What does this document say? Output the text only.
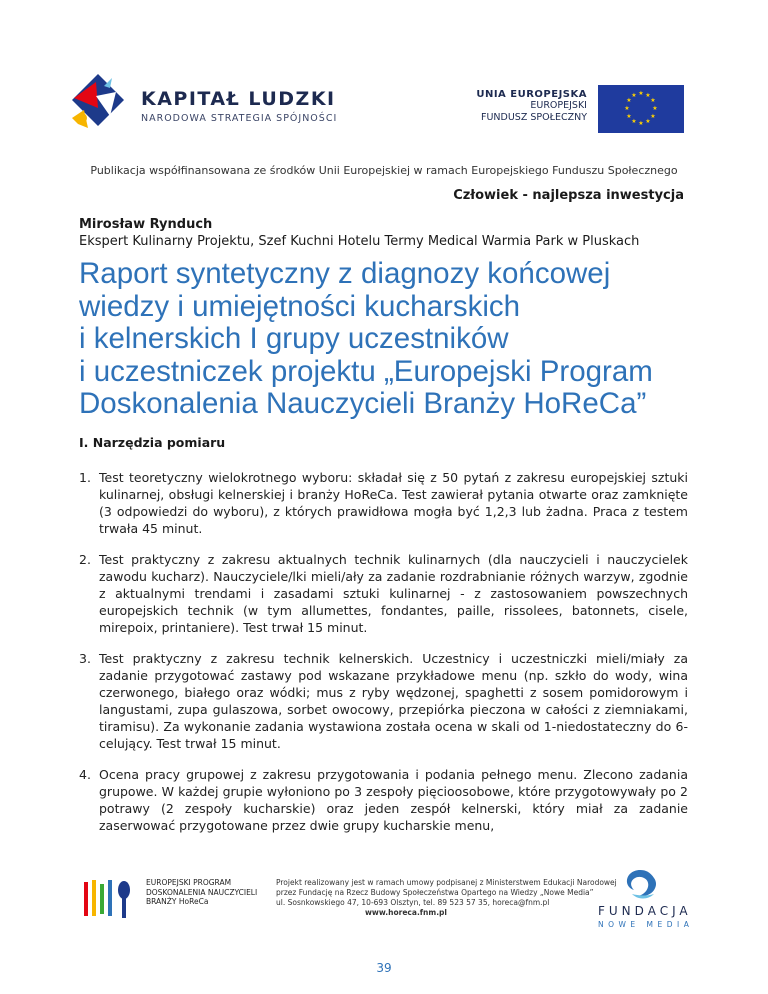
KAPITAŁ LUDZKI
NARODOWA STRATEGIA SPÓJNOŚCI
UNIA EUROPEJSKA
EUROPEJSKI
FUNDUSZ SPOŁECZNY
★ ★
★
★
★
★
★
★
★
★
★
★
Publikacja współfinansowana ze środków Unii Europejskiej w ramach Europejskiego Funduszu Społecznego
Człowiek - najlepsza inwestycja
Mirosław Rynduch
Ekspert Kulinarny Projektu, Szef Kuchni Hotelu Termy Medical Warmia Park w Pluskach
Raport syntetyczny z diagnozy końcowej
wiedzy i umiejętności kucharskich
i kelnerskich I grupy uczestników
i uczestniczek projektu „Europejski Program
Doskonalenia Nauczycieli Branży HoReCa”
I. Narzędzia pomiaru
1. Test teoretyczny wielokrotnego wyboru: składał się z 50 pytań z zakresu europejskiej sztuki kulinarnej, obsługi kelnerskiej i branży HoReCa. Test zawierał pytania otwarte oraz zamknięte (3 odpowiedzi do wyboru), z których prawidłowa mogła być 1,2,3 lub żadna. Praca z testem trwała 45 minut.
2. Test praktyczny z zakresu aktualnych technik kulinarnych (dla nauczycieli i nauczycielek zawodu kucharz). Nauczyciele/lki mieli/ały za zadanie rozdrabnianie różnych warzyw, zgodnie z aktualnymi trendami i zasadami sztuki kulinarnej - z zastosowaniem powszechnych europejskich technik (w tym allumettes, fondantes, paille, rissolees, batonnets, cisele, mirepoix, printaniere). Test trwał 15 minut.
3. Test praktyczny z zakresu technik kelnerskich. Uczestnicy i uczestniczki mieli/miały za zadanie przygotować zastawy pod wskazane przykładowe menu (np. szkło do wody, wina czerwonego, białego oraz wódki; mus z ryby wędzonej, spaghetti z sosem pomidorowym i langustami, zupa gulaszowa, sorbet owocowy, przepiórka pieczona w całości z ziemniakami, tiramisu). Za wykonanie zadania wystawiona została ocena w skali od 1-niedostateczny do 6-celujący. Test trwał 15 minut.
4. Ocena pracy grupowej z zakresu przygotowania i podania pełnego menu. Zlecono zadania grupowe. W każdej grupie wyłoniono po 3 zespoły pięcioosobowe, które przygotowywały po 2 potrawy (2 zespoły kucharskie) oraz jeden zespół kelnerski, który miał za zadanie zaserwować przygotowane przez dwie grupy kucharskie menu,
EUROPEJSKI PROGRAM
DOSKONALENIA NAUCZYCIELI
BRANŻY HoReCa
Projekt realizowany jest w ramach umowy podpisanej z Ministerstwem Edukacji Narodowej
przez Fundację na Rzecz Budowy Społeczeństwa Opartego na Wiedzy „Nowe Media”
ul. Sosnkowskiego 47, 10-693 Olsztyn, tel. 89 523 57 35, horeca@fnm.pl
www.horeca.fnm.pl	FUNDACJA
NOWE MEDIA
39
